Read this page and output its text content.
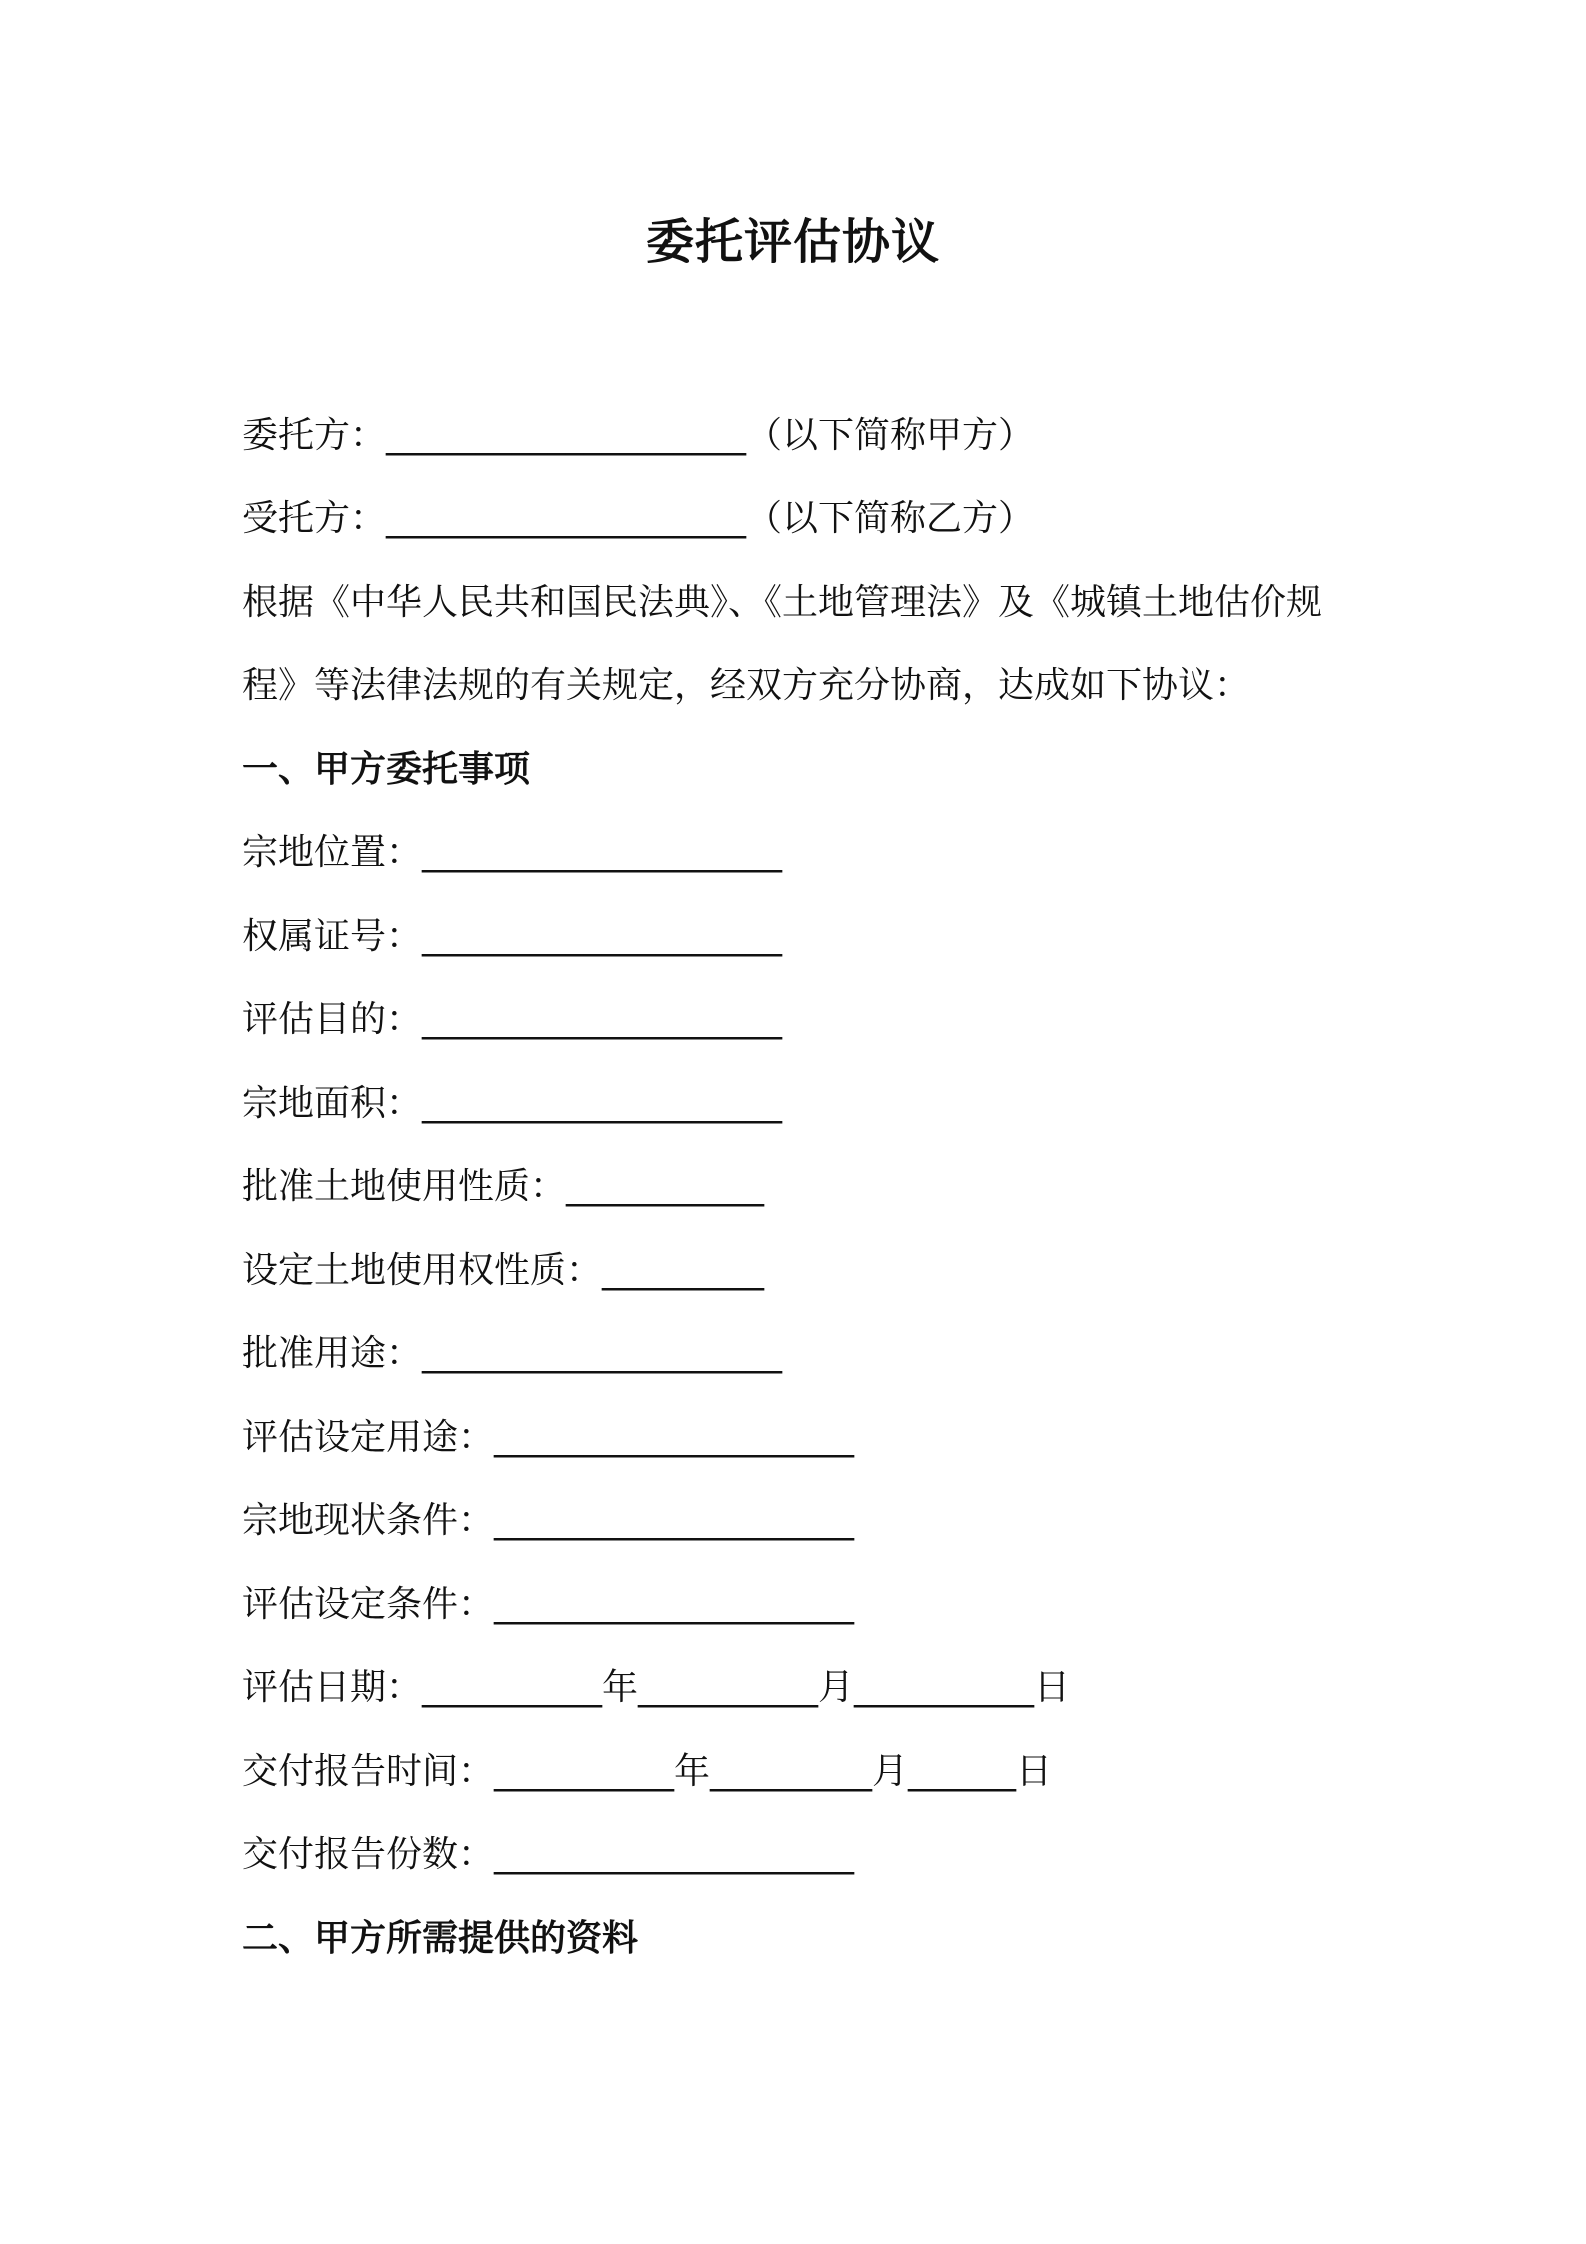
委托评估协议
委托方：____________________（以下简称甲方）
受托方：____________________（以下简称乙方）
根据《中华人民共和国民法典》、《土地管理法》及《城镇土地估价规
程》等法律法规的有关规定，经双方充分协商，达成如下协议：
一、甲方委托事项
宗地位置：____________________
权属证号：____________________
评估目的：____________________
宗地面积：____________________
批准土地使用性质：___________
设定土地使用权性质：_________
批准用途：____________________
评估设定用途：____________________
宗地现状条件：____________________
评估设定条件：____________________
评估日期：__________年__________月__________日
交付报告时间：__________年_________月______日
交付报告份数：____________________
二、甲方所需提供的资料
